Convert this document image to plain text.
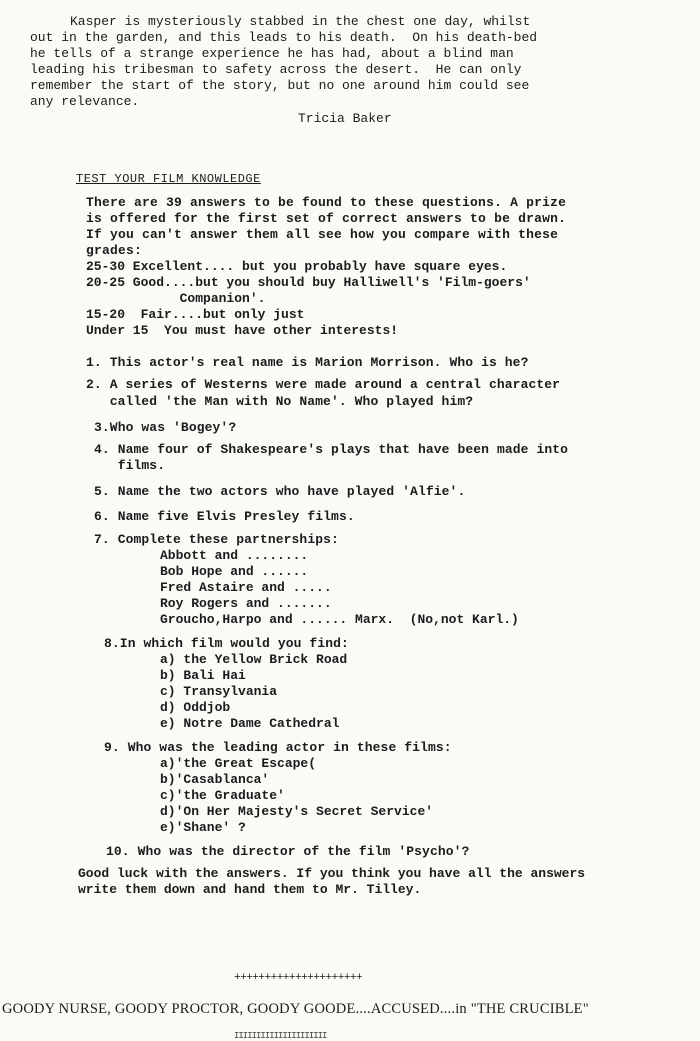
Kasper is mysteriously stabbed in the chest one day, whilst
out in the garden, and this leads to his death.  On his death-bed
he tells of a strange experience he has had, about a blind man
leading his tribesman to safety across the desert.  He can only
remember the start of the story, but no one around him could see
any relevance.
Tricia Baker
TEST YOUR FILM KNOWLEDGE
There are 39 answers to be found to these questions. A prize
is offered for the first set of correct answers to be drawn.
If you can't answer them all see how you compare with these
grades:
25-30 Excellent.... but you probably have square eyes.
20-25 Good....but you should buy Halliwell's 'Film-goers'
Companion'.
15-20  Fair....but only just
Under 15  You must have other interests!
1. This actor's real name is Marion Morrison. Who is he?
2. A series of Westerns were made around a central character
called 'the Man with No Name'. Who played him?
3.Who was 'Bogey'?
4. Name four of Shakespeare's plays that have been made into
films.
5. Name the two actors who have played 'Alfie'.
6. Name five Elvis Presley films.
7. Complete these partnerships:
Abbott and ........
Bob Hope and ......
Fred Astaire and .....
Roy Rogers and .......
Groucho,Harpo and ...... Marx.  (No,not Karl.)
8.In which film would you find:
a) the Yellow Brick Road
b) Bali Hai
c) Transylvania
d) Oddjob
e) Notre Dame Cathedral
9. Who was the leading actor in these films:
a)'the Great Escape(
b)'Casablanca'
c)'the Graduate'
d)'On Her Majesty's Secret Service'
e)'Shane' ?
10. Who was the director of the film 'Psycho'?
Good luck with the answers. If you think you have all the answers
write them down and hand them to Mr. Tilley.
+++++++++++++++++++++
GOODY NURSE, GOODY PROCTOR, GOODY GOODE....ACCUSED....in "THE CRUCIBLE"
IIIIIIIIIIIIIIIIIIIII
